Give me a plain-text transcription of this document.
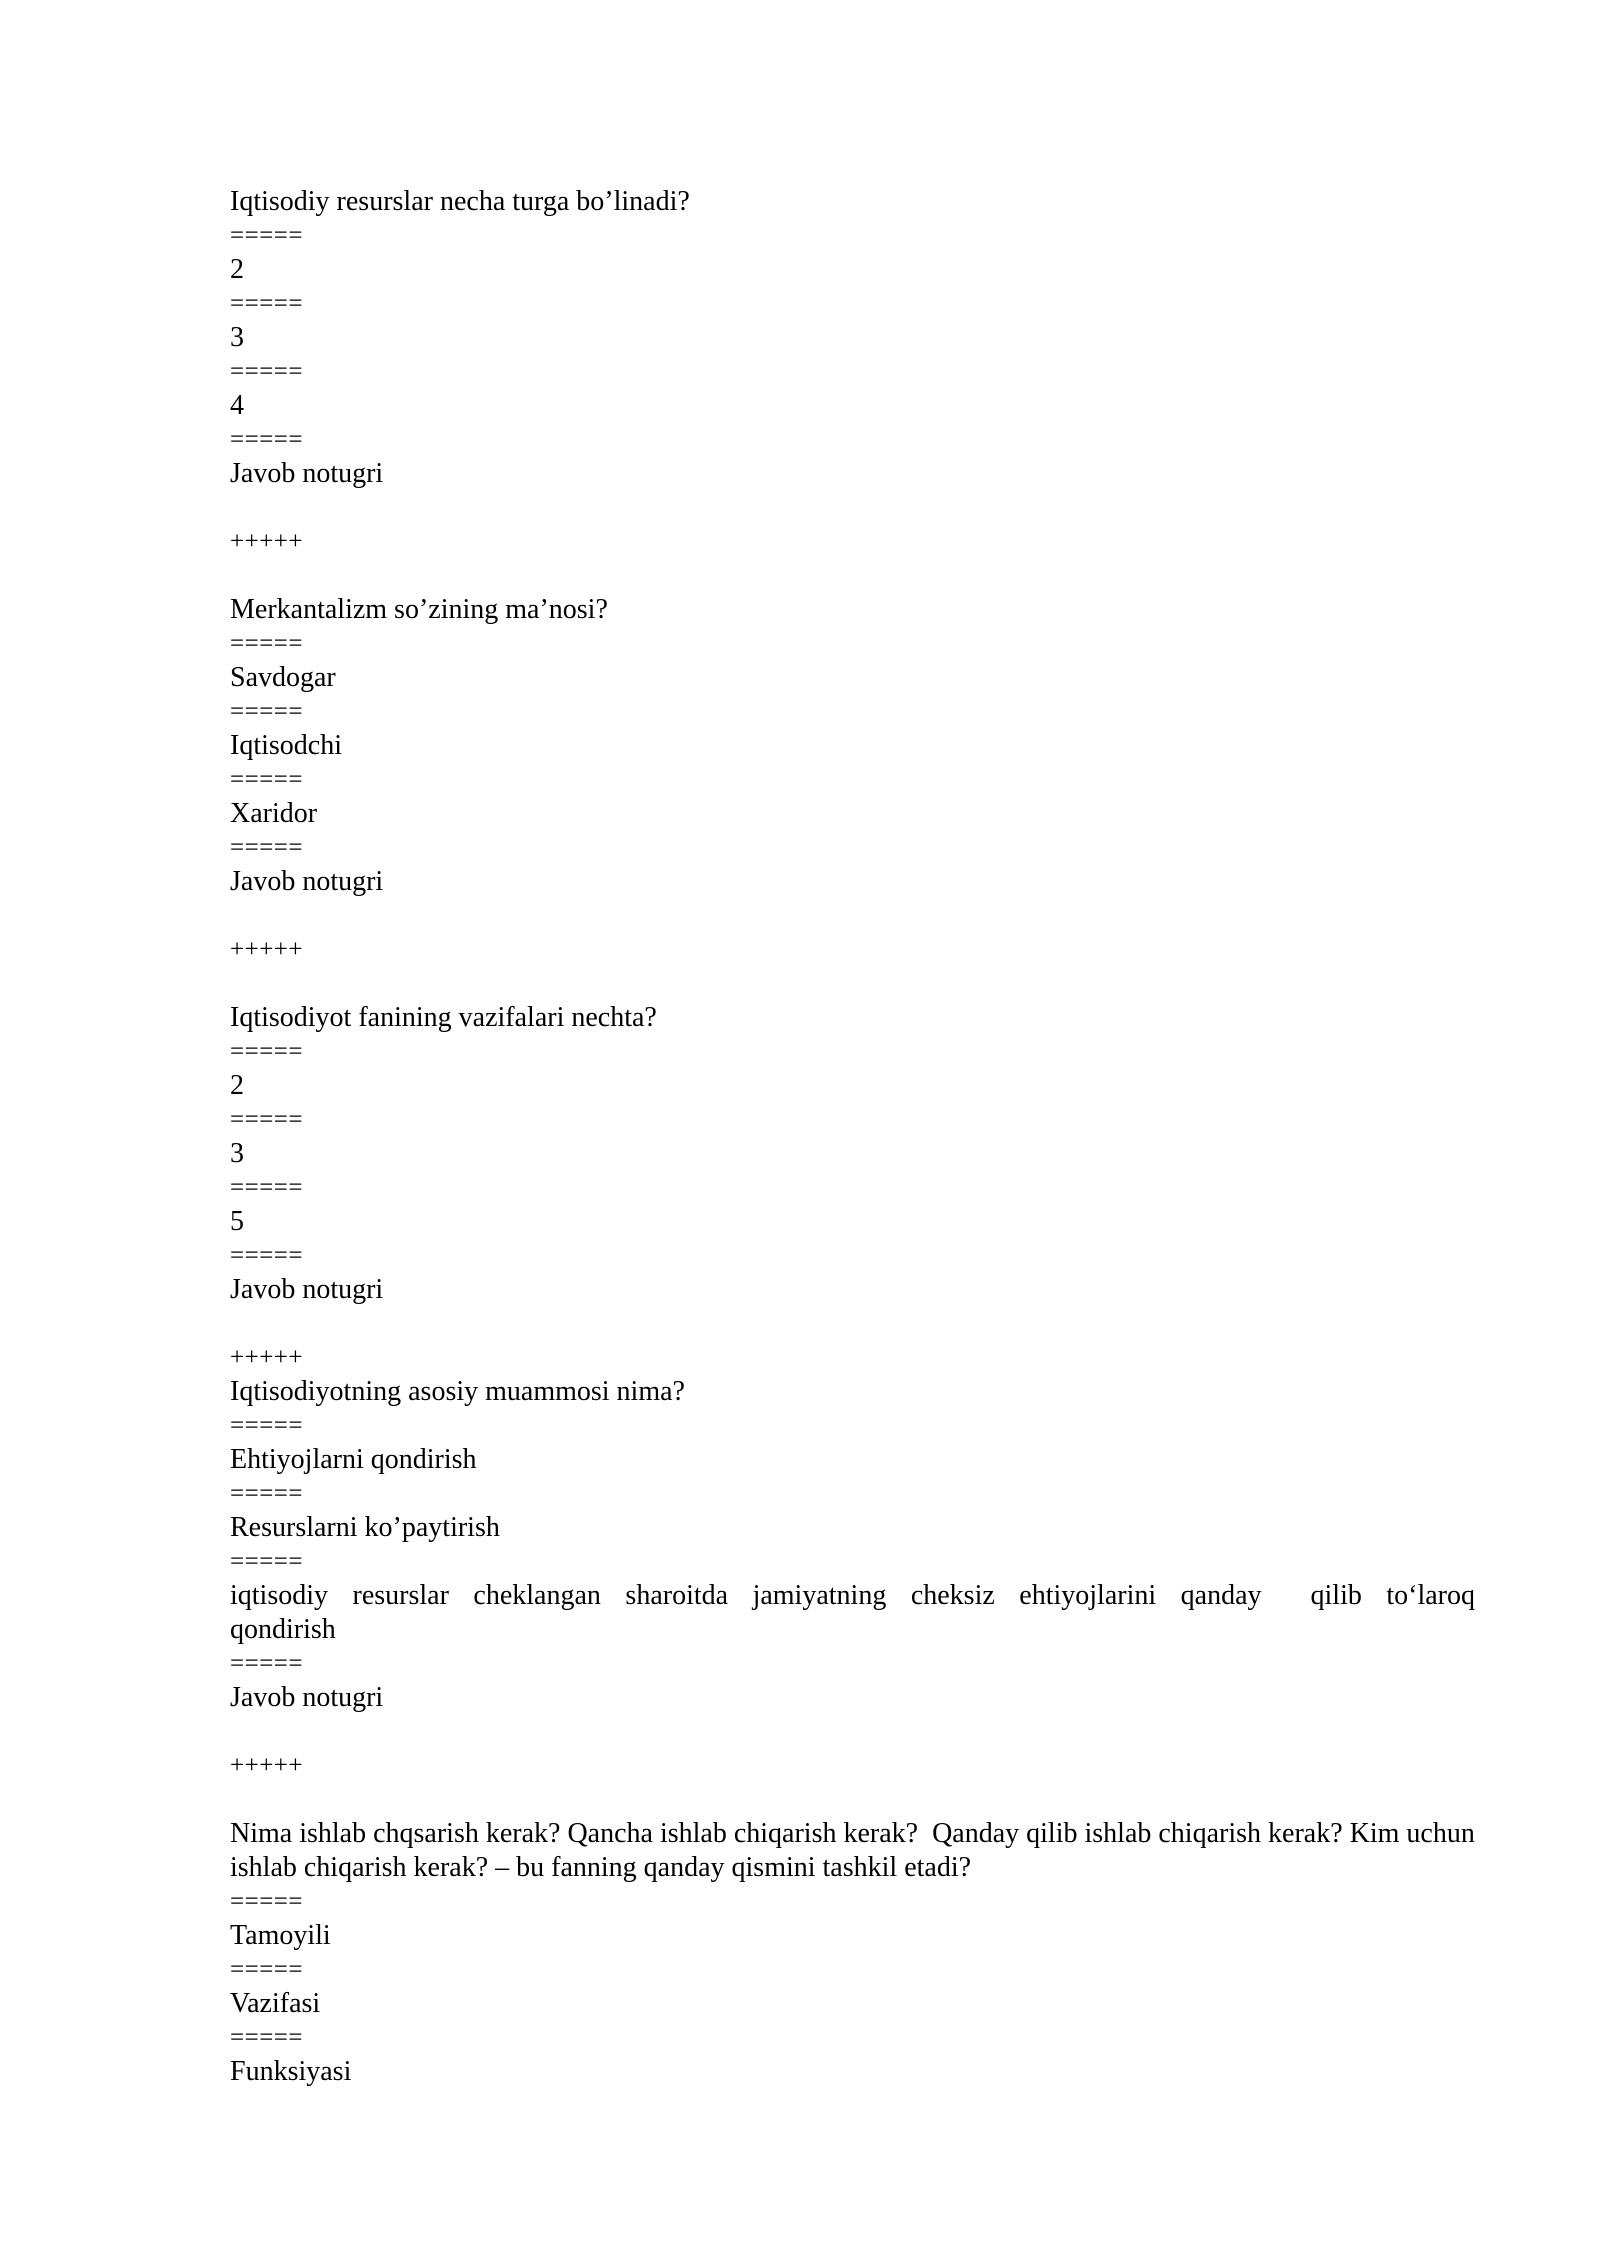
Iqtisodiy resurslar necha turga bo’linadi?

=====

2

=====

3

=====

4

=====

Javob notugri

+++++

Merkantalizm so’zining ma’nosi?

=====

Savdogar

=====

Iqtisodchi

=====

Xaridor

=====

Javob notugri

+++++

Iqtisodiyot fanining vazifalari nechta?

=====

2

=====

3

=====

5

=====

Javob notugri

+++++

Iqtisodiyotning asosiy muammosi nima?

=====

Ehtiyojlarni qondirish

=====

Resurslarni ko’paytirish

=====

iqtisodiy resurslar cheklangan sharoitda jamiyatning cheksiz ehtiyojlarini qanday  qilib to‘laroq qondirish

=====

Javob notugri

+++++

Nima ishlab chqsarish kerak? Qancha ishlab chiqarish kerak?  Qanday qilib ishlab chiqarish kerak? Kim uchun ishlab chiqarish kerak? – bu fanning qanday qismini tashkil etadi?

=====

Tamoyili

=====

Vazifasi

=====

Funksiyasi
